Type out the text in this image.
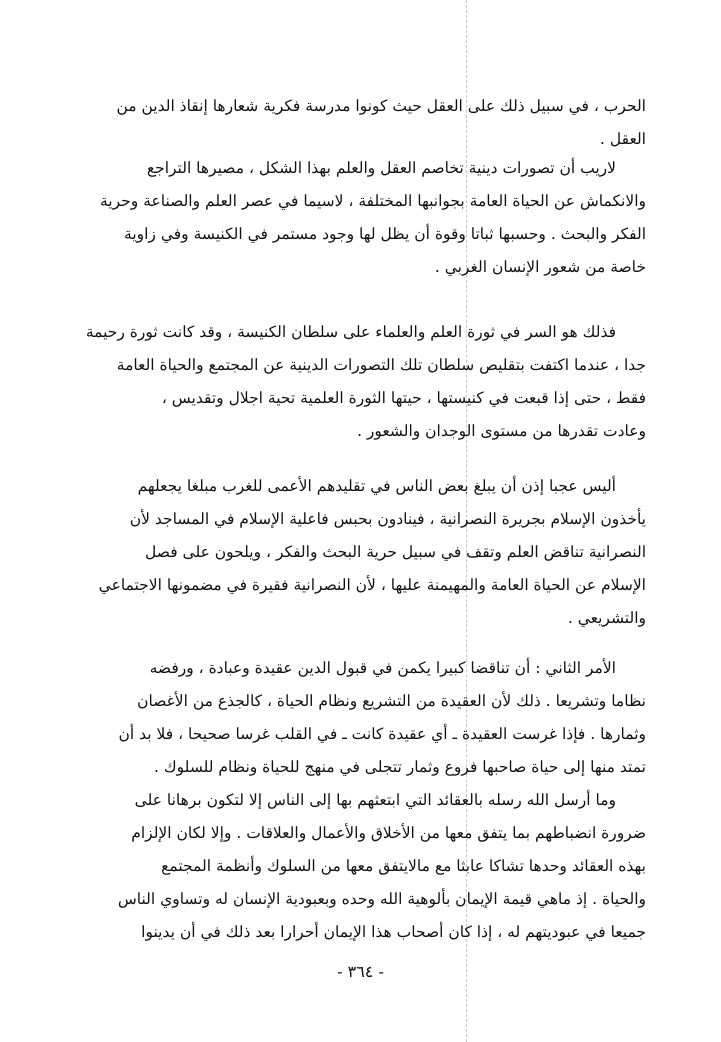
الحرب ، في سبيل ذلك على العقل حيث كونوا مدرسة فكرية شعارها إنقاذ الدين من

العقل .

لاريب أن تصورات دينية تخاصم العقل والعلم بهذا الشكل ، مصيرها التراجع

والانكماش عن الحياة العامة بجوانبها المختلفة ، لاسيما في عصر العلم والصناعة وحرية

الفكر والبحث . وحسبها ثباتا وقوة أن يظل لها وجود مستمر في الكنيسة وفي زاوية

خاصة من شعور الإنسان الغربي .

فذلك هو السر في ثورة العلم والعلماء على سلطان الكنيسة ، وقد كانت ثورة رحيمة

جدا ، عندما اكتفت بتقليص سلطان تلك التصورات الدينية عن المجتمع والحياة العامة

فقط ، حتى إذا قبعت في كنيستها ، حيتها الثورة العلمية تحية اجلال وتقديس ،

وعادت تقدرها من مستوى الوجدان والشعور .

أليس عجبا إذن أن يبلغ بعض الناس في تقليدهم الأعمى للغرب مبلغا يجعلهم

يأخذون الإسلام بجريرة النصرانية ، فينادون بحبس فاعلية الإسلام في المساجد لأن

النصرانية تناقض العلم وتقف في سبيل حرية البحث والفكر ، ويلحون على فصل

الإسلام عن الحياة العامة والمهيمنة عليها ، لأن النصرانية فقيرة في مضمونها الاجتماعي

والتشريعي .

الأمر الثاني : أن تناقضا كبيرا يكمن في قبول الدين عقيدة وعبادة ، ورفضه

نظاما وتشريعا . ذلك لأن العقيدة من التشريع ونظام الحياة ، كالجذع من الأغصان

وثمارها . فإذا غرست العقيدة ـ أي عقيدة كانت ـ في القلب غرسا صحيحا ، فلا بد أن

تمتد منها إلى حياة صاحبها فروع وثمار تتجلى في منهج للحياة ونظام للسلوك .

وما أرسل الله رسله بالعقائد التي ابتعثهم بها إلى الناس إلا لتكون برهانا على

ضرورة انضباطهم بما يتفق معها من الأخلاق والأعمال والعلاقات . وإلا لكان الإلزام

بهذه العقائد وحدها تشاكا عابثا مع مالايتفق معها من السلوك وأنظمة المجتمع

والحياة . إذ ماهي قيمة الإيمان بألوهية الله وحده وبعبودية الإنسان له وتساوي الناس

جميعا في عبوديتهم له ، إذا كان أصحاب هذا الإيمان أحرارا بعد ذلك في أن يدينوا

- ٣٦٤ -
